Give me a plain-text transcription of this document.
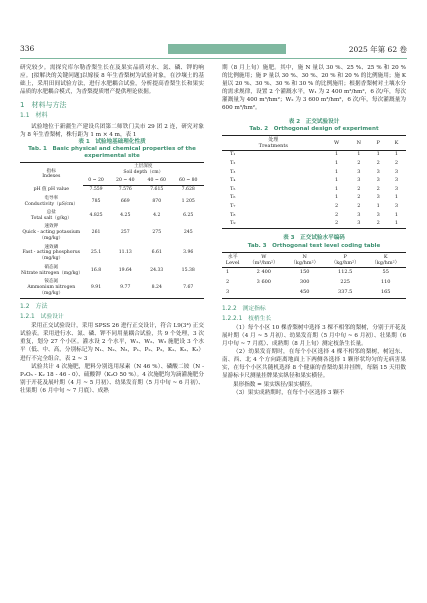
336	2025 年第 62 卷

研究较少。需探究库尔勒香梨生长在及果实品质对水、氮、磷、钾的响应。[拟解决的关键问题]以嫁接 8 年生香梨树为试验对象，在沙壤土的基础上，采用田间试验方法，进行水肥耦合试验，分析提高香梨生长和果实品质的水肥耦合模式，为香梨提质增产提供理论依据。

1　材料与方法
1.1　材料

试验地位于新疆生产建设兵团第二师铁门关市 29 团 2 连，研究对象为 8 年生香梨树，株行距为 1 m × 4 m，表 1

表 1　试验地基础理化性质
Tab. 1　Basic physical and chemical properties of the experimental site
指标
Indexes	土层深度
Soil depth（cm）			

	0 ~ 20	20 ~ 40	40 ~ 60	60 ~ 80

pH 值 pH value	7.559	7.576	7.615	7.628

电导率
Conductivity（μS/cm）	785	669	870	1 205

总盐
Total salt（g/kg）	4.825	4.25	4.2	6.25

速效钾
Quick - acting potassium（mg/kg）	261	257	275	245

速效磷
Fast - acting phosphorus（mg/kg）	25.1	11.13	6.61	3.96

硝态氮
Nitrate nitrogen（mg/kg）	16.8	19.64	24.33	15.38

铵态氮
Ammonium nitrogen（mg/kg）	9.91	9.77	8.24	7.67
1.2　方法
1.2.1　试验设计

采用正交试验设计，采用 SPSS 26 进行正交设计，符合 L9(3⁴) 正交试验表。采用进行水、氮、磷、钾不同用量耦合试验，共 9 个处理，3 次重复，划分 27 个小区。灌水设 2 个水平，W₁、W₂、W₃ 施肥设 3 个水平（低、中、高，分别标记为 N₁、N₂、N₃，P₁、P₂、P₃，K₁、K₂、K₃）进行不完全组合，表 2 ~ 3

试验共计 4 次施肥，肥料分别选用尿素（N 46 %）、磷酸二铵（N - P₂O₅ - K₂ 18 - 46 - 0）、硫酸钾（K₂O 50 %）。4 次施肥均为滴灌施肥分别于开花及展叶期（4 月 ~ 5 月初）、幼果发育期（5 月中旬 ~ 6 月初）、壮果期（6 月中旬 ~ 7 月底）、成熟

期（8 月上旬）施肥。其中，施 N 量以 30 %、25 %、25 % 和 20 % 的比例施用；施 P 量以 30 %、30 %、20 % 和 20 % 的比例施用；施 K 量以 20 %、30 %、30 % 和 30 % 的比例施用；根据香梨树对土壤水分的需求规律，设置 2 个灌溉水平，W₁ 为 2 400 m³/hm²，6 次/年，每次灌溉量为 400 m³/hm²；W₂ 为 3 600 m³/hm²，6 次/年，每次灌溉量为 600 m³/hm²。

表 2　正交试验设计
Tab. 2　Orthogonal design of experiment
处理
Treatments	W	N	P	K
T₁	1	1	1	1
T₂	1	2	2	2
T₃	1	3	3	3
T₄	1	3	3	3
T₅	1	2	2	3
T₆	1	2	3	1
T₇	2	2	1	3
T₈	2	3	3	1
T₉	2	3	2	1
表 3　正交试验水平编码
Tab. 3　Orthogonal test level coding table
水平
Level	W
（m³/hm²）	N
（kg/hm²）	P
（kg/hm²）	K
（kg/hm²）

1	2 400	150	112.5	55
2	3 600	300	225	110
3		450	337.5	165
1.2.2　测定指标
1.2.2.1　枝梢生长

（1）每个小区 10 棵香梨树中选择 3 棵不相邻的梨树，分别于开花及展叶期（4 月 ~ 5 月初）、幼果发育期（5 月中旬 ~ 6 月初）、壮果期（6 月中旬 ~ 7 月底）、成熟期（8 月上旬）测定枝条生长量。

（2）幼果发育期时，在每个小区选择 4 棵不相邻的梨树，树冠东、南、西、北 4 个方向距离地面上下两侧各选择 1 颗形状均匀的无病害果实，在每个小区共随机选择 8 个健康的香梨幼果并挂牌，每隔 15 天用数显游标卡尺测量挂牌果实纵径和果实横径。

果形指数 = 果实纵径/果实横径。

（3）果实成熟期时，在每个小区选择 3 颗不
